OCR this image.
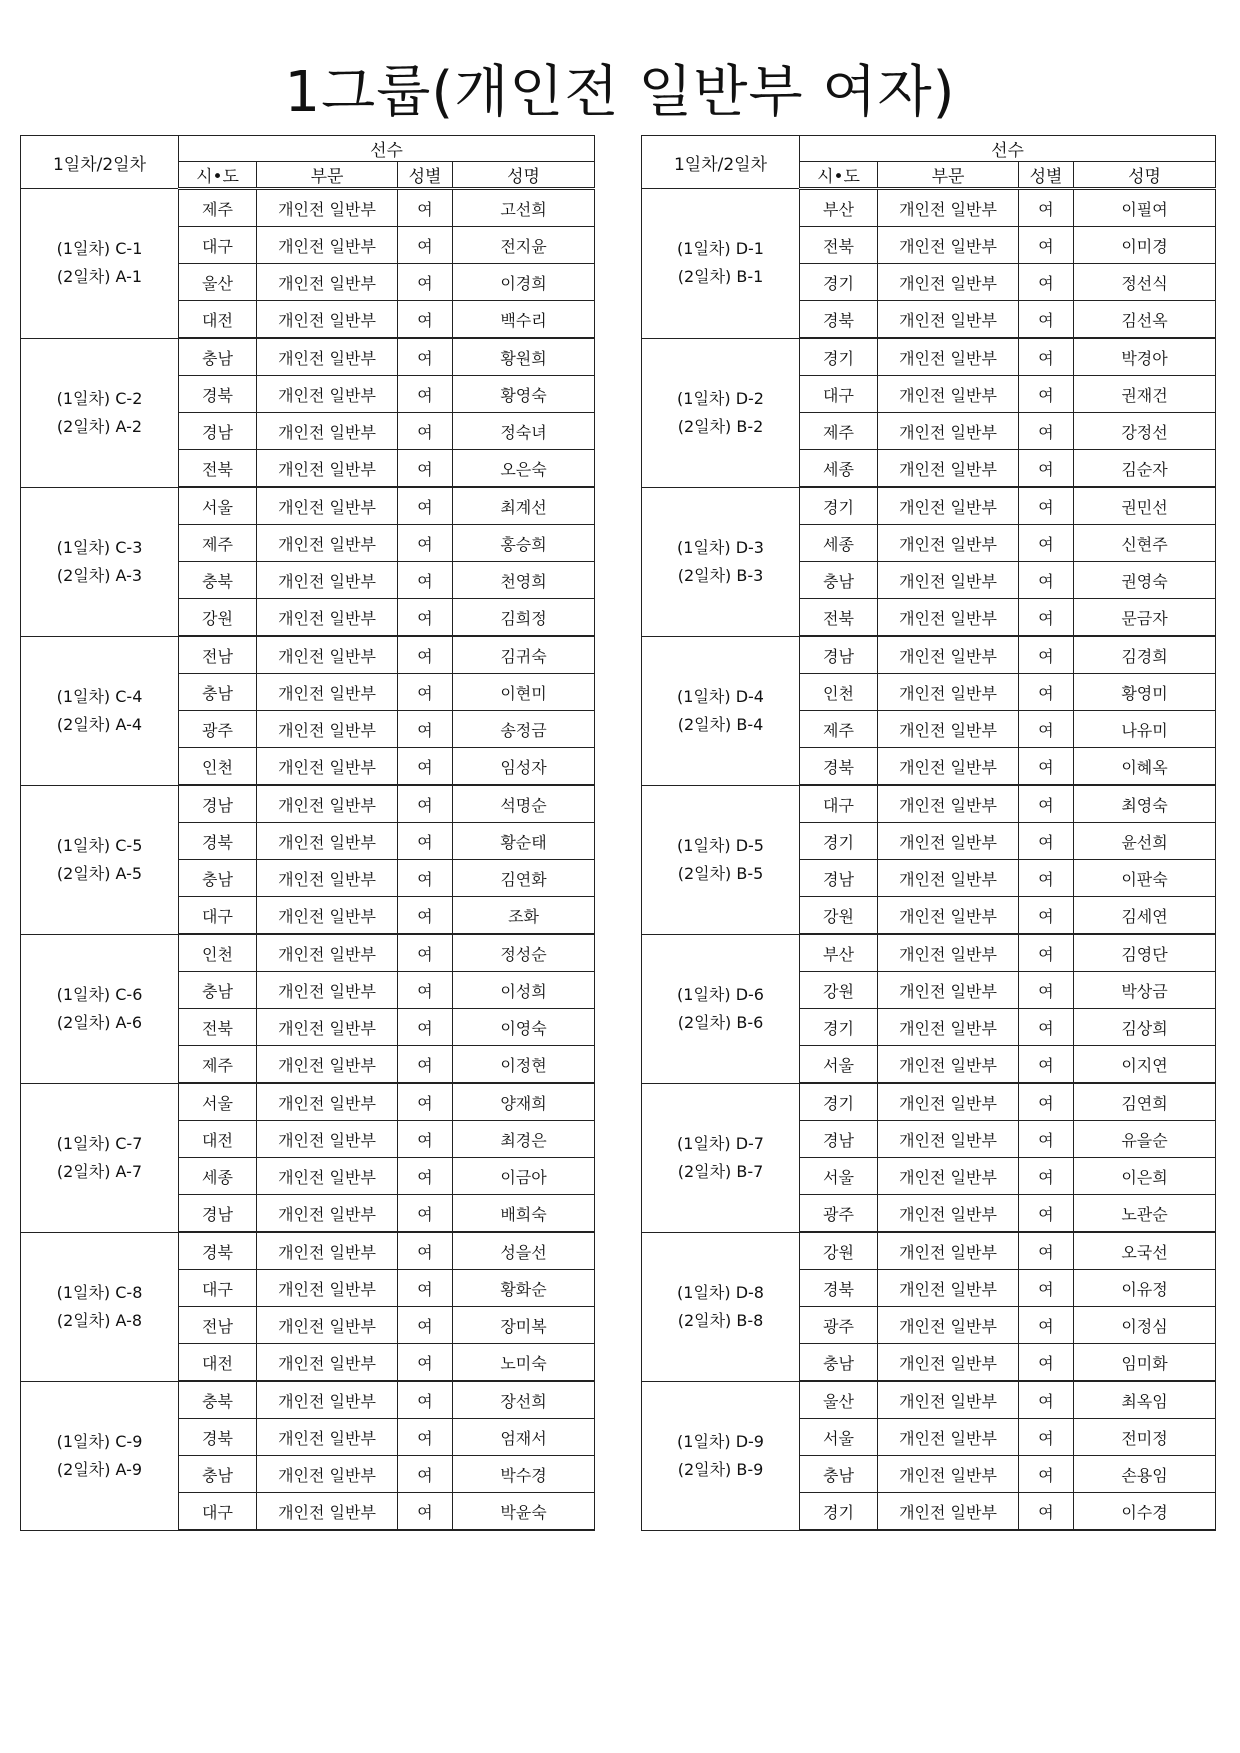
1그룹(개인전 일반부 여자)
1일차/2일차	선수			
	시•도	부문	성별	성명

(1일차) C-1
(2일차) A-1	제주	개인전 일반부	여	고선희
	대구	개인전 일반부	여	전지윤
	울산	개인전 일반부	여	이경희
	대전	개인전 일반부	여	백수리

(1일차) C-2
(2일차) A-2	충남	개인전 일반부	여	황원희
	경북	개인전 일반부	여	황영숙
	경남	개인전 일반부	여	정숙녀
	전북	개인전 일반부	여	오은숙

(1일차) C-3
(2일차) A-3	서울	개인전 일반부	여	최계선
	제주	개인전 일반부	여	홍승희
	충북	개인전 일반부	여	천영희
	강원	개인전 일반부	여	김희정

(1일차) C-4
(2일차) A-4	전남	개인전 일반부	여	김귀숙
	충남	개인전 일반부	여	이현미
	광주	개인전 일반부	여	송정금
	인천	개인전 일반부	여	임성자

(1일차) C-5
(2일차) A-5	경남	개인전 일반부	여	석명순
	경북	개인전 일반부	여	황순태
	충남	개인전 일반부	여	김연화
	대구	개인전 일반부	여	조화

(1일차) C-6
(2일차) A-6	인천	개인전 일반부	여	정성순
	충남	개인전 일반부	여	이성희
	전북	개인전 일반부	여	이영숙
	제주	개인전 일반부	여	이정현

(1일차) C-7
(2일차) A-7	서울	개인전 일반부	여	양재희
	대전	개인전 일반부	여	최경은
	세종	개인전 일반부	여	이금아
	경남	개인전 일반부	여	배희숙

(1일차) C-8
(2일차) A-8	경북	개인전 일반부	여	성을선
	대구	개인전 일반부	여	황화순
	전남	개인전 일반부	여	장미복
	대전	개인전 일반부	여	노미숙

(1일차) C-9
(2일차) A-9	충북	개인전 일반부	여	장선희
	경북	개인전 일반부	여	엄재서
	충남	개인전 일반부	여	박수경
	대구	개인전 일반부	여	박윤숙
1일차/2일차	선수			
	시•도	부문	성별	성명

(1일차) D-1
(2일차) B-1	부산	개인전 일반부	여	이필여
	전북	개인전 일반부	여	이미경
	경기	개인전 일반부	여	정선식
	경북	개인전 일반부	여	김선옥

(1일차) D-2
(2일차) B-2	경기	개인전 일반부	여	박경아
	대구	개인전 일반부	여	권재건
	제주	개인전 일반부	여	강정선
	세종	개인전 일반부	여	김순자

(1일차) D-3
(2일차) B-3	경기	개인전 일반부	여	권민선
	세종	개인전 일반부	여	신현주
	충남	개인전 일반부	여	권영숙
	전북	개인전 일반부	여	문금자

(1일차) D-4
(2일차) B-4	경남	개인전 일반부	여	김경희
	인천	개인전 일반부	여	황영미
	제주	개인전 일반부	여	나유미
	경북	개인전 일반부	여	이혜옥

(1일차) D-5
(2일차) B-5	대구	개인전 일반부	여	최영숙
	경기	개인전 일반부	여	윤선희
	경남	개인전 일반부	여	이판숙
	강원	개인전 일반부	여	김세연

(1일차) D-6
(2일차) B-6	부산	개인전 일반부	여	김영단
	강원	개인전 일반부	여	박상금
	경기	개인전 일반부	여	김상희
	서울	개인전 일반부	여	이지연

(1일차) D-7
(2일차) B-7	경기	개인전 일반부	여	김연희
	경남	개인전 일반부	여	유을순
	서울	개인전 일반부	여	이은희
	광주	개인전 일반부	여	노관순

(1일차) D-8
(2일차) B-8	강원	개인전 일반부	여	오국선
	경북	개인전 일반부	여	이유정
	광주	개인전 일반부	여	이정심
	충남	개인전 일반부	여	임미화

(1일차) D-9
(2일차) B-9	울산	개인전 일반부	여	최옥임
	서울	개인전 일반부	여	전미정
	충남	개인전 일반부	여	손용임
	경기	개인전 일반부	여	이수경
